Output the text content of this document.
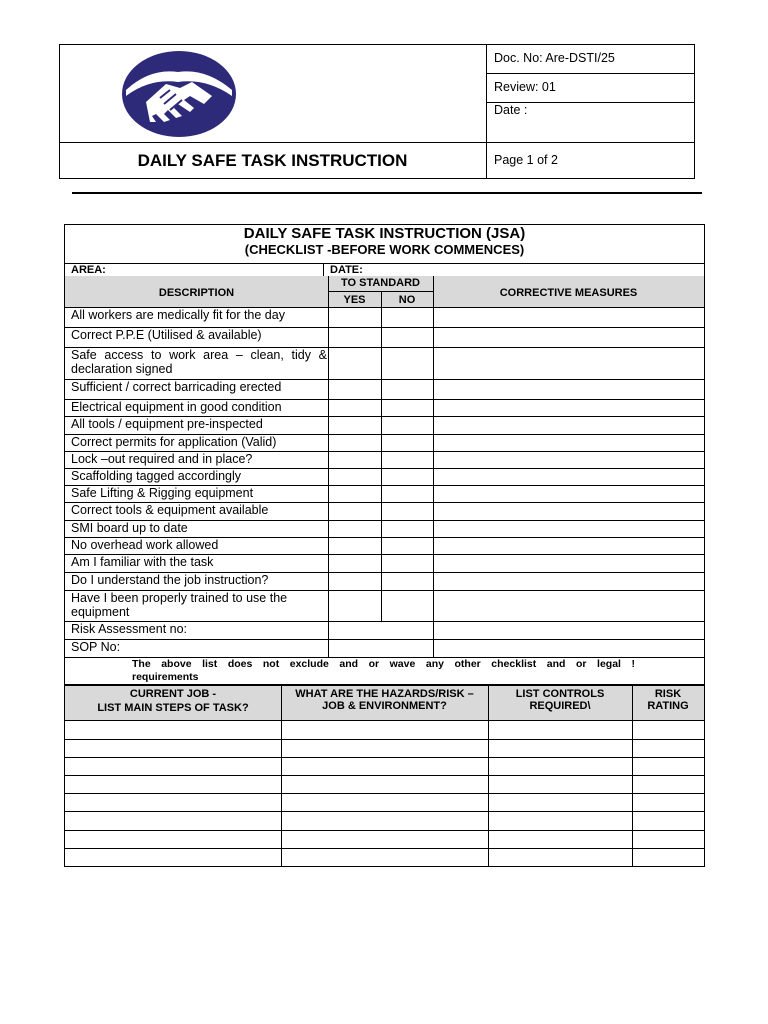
DAILY SAFE TASK INSTRUCTION
Doc. No: Are-DSTI/25
Review: 01
Date :
Page 1 of 2
DAILY SAFE TASK INSTRUCTION (JSA)
(CHECKLIST -BEFORE WORK COMMENCES)
AREA:	DATE:
DESCRIPTION
TO STANDARD
YES	NO
CORRECTIVE MEASURES
All workers are medically fit for the day
Correct P.P.E (Utilised & available)
Safe access to work area – clean, tidy & declaration signed
Sufficient / correct barricading erected
Electrical equipment in good condition
All tools / equipment pre-inspected
Correct permits for application (Valid)
Lock –out required and in place?
Scaffolding tagged accordingly
Safe Lifting & Rigging equipment
Correct tools & equipment available
SMI board up to date
No overhead work allowed
Am I familiar with the task
Do I understand the job instruction?
Have I been properly trained to use the equipment
Risk Assessment no:
SOP No:
The above list does not exclude and or wave any other checklist and or legal !
requirements
CURRENT JOB -
LIST MAIN STEPS OF TASK?
WHAT ARE THE HAZARDS/RISK –
JOB & ENVIRONMENT?
LIST CONTROLS
REQUIRED\
RISK
RATING
